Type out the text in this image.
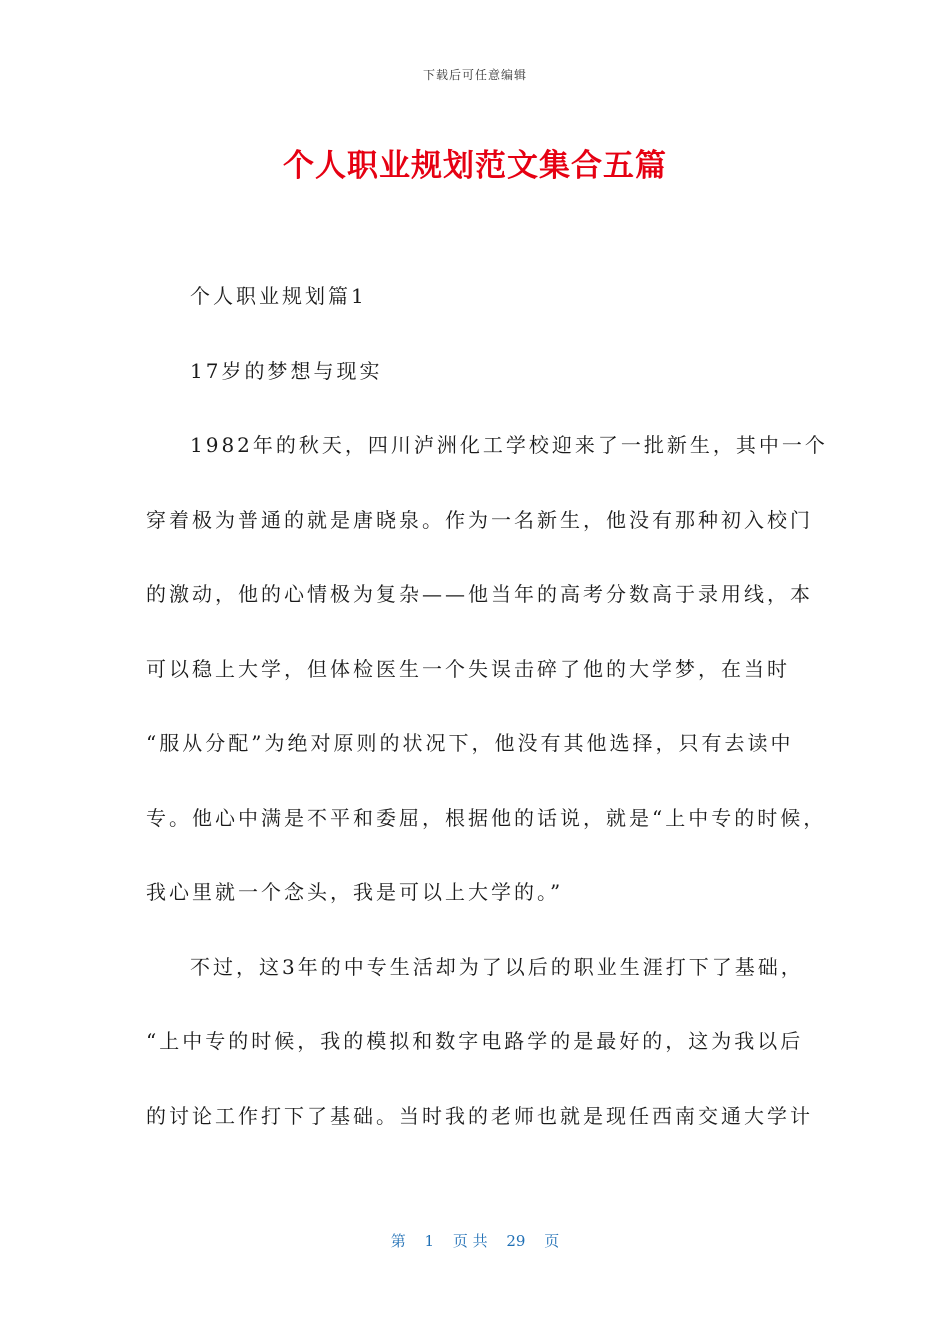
下载后可任意编辑
个人职业规划范文集合五篇
个人职业规划篇1
17岁的梦想与现实
1982年的秋天，四川泸洲化工学校迎来了一批新生，其中一个
穿着极为普通的就是唐晓泉。作为一名新生，他没有那种初入校门
的激动，他的心情极为复杂——他当年的高考分数高于录用线，本
可以稳上大学，但体检医生一个失误击碎了他的大学梦，在当时
“服从分配”为绝对原则的状况下，他没有其他选择，只有去读中
专。他心中满是不平和委屈，根据他的话说，就是“上中专的时候，
我心里就一个念头，我是可以上大学的。”
不过，这3年的中专生活却为了以后的职业生涯打下了基础，
“上中专的时候，我的模拟和数字电路学的是最好的，这为我以后
的讨论工作打下了基础。当时我的老师也就是现任西南交通大学计
第 1 页 共 29 页
